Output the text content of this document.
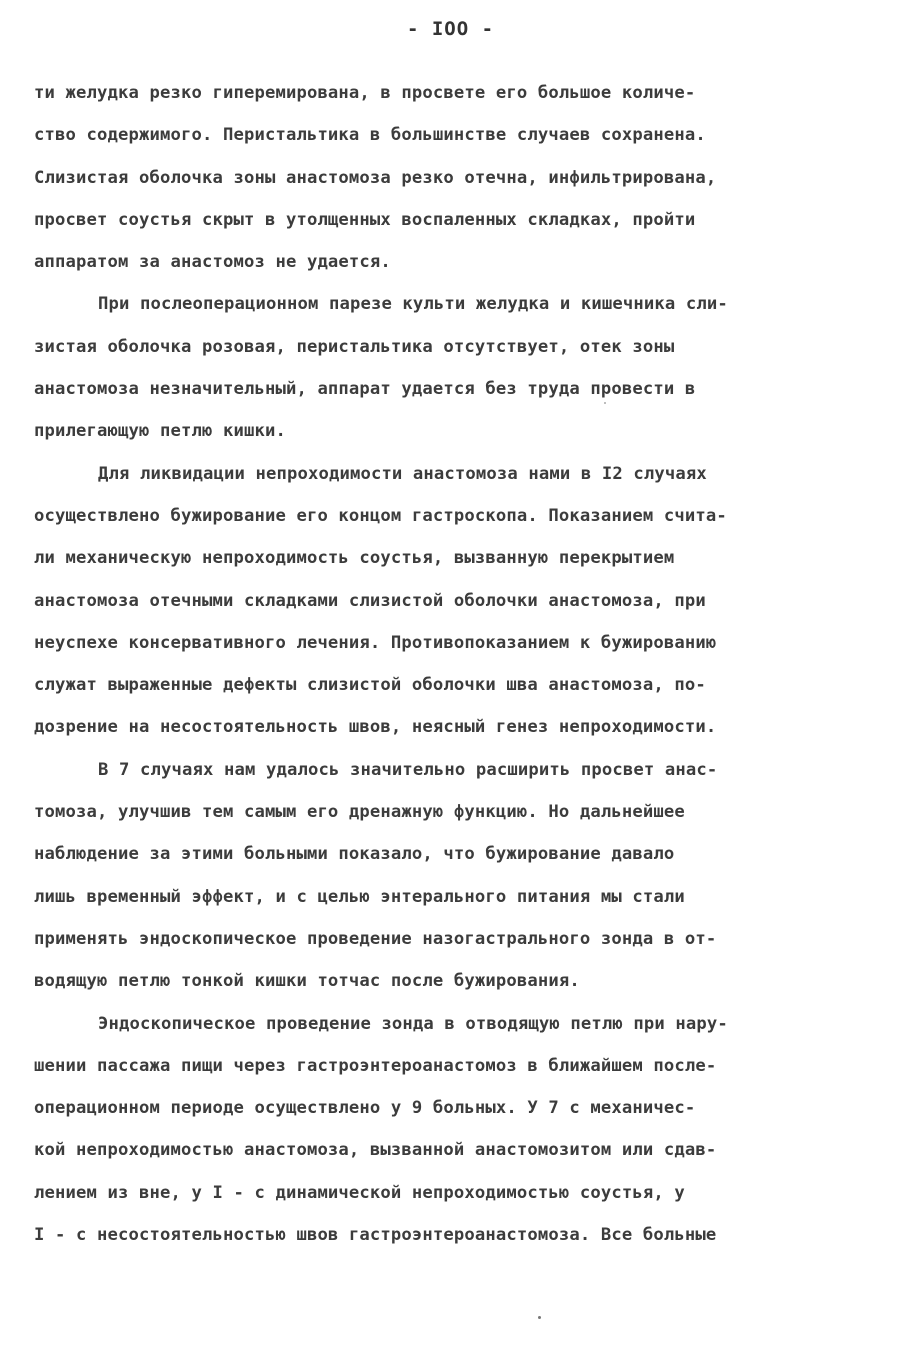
- IOO -
ти желудка резко гиперемирована, в просвете его большое количе-
ство содержимого. Перистальтика в большинстве случаев сохранена.
Слизистая оболочка зоны анастомоза резко отечна, инфильтрирована,
просвет соустья скрыт в утолщенных воспаленных складках, пройти
аппаратом за анастомоз не удается.
При послеоперационном парезе культи желудка и кишечника сли-
зистая оболочка розовая, перистальтика отсутствует, отек зоны
анастомоза незначительный, аппарат удается без труда провести в
прилегающую петлю кишки.
Для ликвидации непроходимости анастомоза нами в I2 случаях
осуществлено бужирование его концом гастроскопа. Показанием счита-
ли механическую непроходимость соустья, вызванную перекрытием
анастомоза отечными складками слизистой оболочки анастомоза, при
неуспехе консервативного лечения. Противопоказанием к бужированию
служат выраженные дефекты слизистой оболочки шва анастомоза, по-
дозрение на несостоятельность швов, неясный генез непроходимости.
В 7 случаях нам удалось значительно расширить просвет анас-
томоза, улучшив тем самым его дренажную функцию. Но дальнейшее
наблюдение за этими больными показало, что бужирование давало
лишь временный эффект, и с целью энтерального питания мы стали
применять эндоскопическое проведение назогастрального зонда в от-
водящую петлю тонкой кишки тотчас после бужирования.
Эндоскопическое проведение зонда в отводящую петлю при нару-
шении пассажа пищи через гастроэнтероанастомоз в ближайшем после-
операционном периоде осуществлено у 9 больных. У 7 с механичес-
кой непроходимостью анастомоза, вызванной анастомозитом или сдав-
лением из вне, у I - с динамической непроходимостью соустья, у
I - с несостоятельностью швов гастроэнтероанастомоза. Все больные
